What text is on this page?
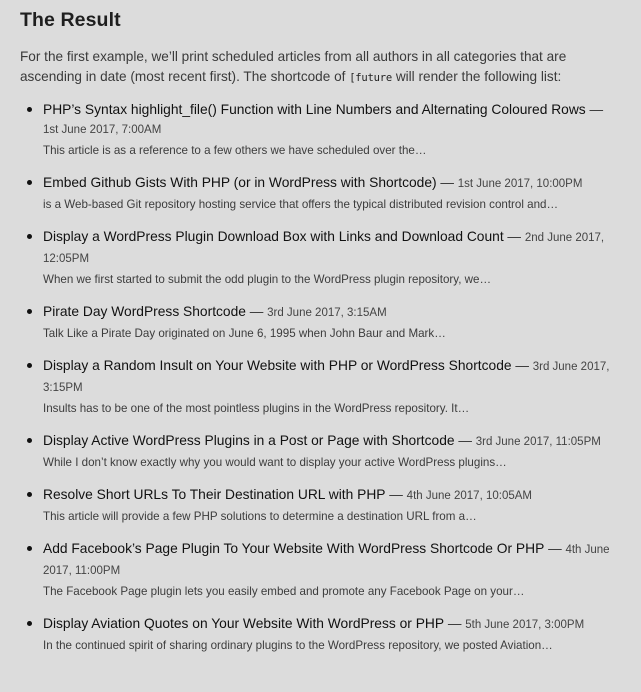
The Result

For the first example, we’ll print scheduled articles from all authors in all categories that are ascending in date (most recent first). The shortcode of [future will render the following list:

PHP’s Syntax highlight_file() Function with Line Numbers and Alternating Coloured Rows — 1st June 2017, 7:00AM
This article is as a reference to a few others we have scheduled over the…
Embed Github Gists With PHP (or in WordPress with Shortcode) — 1st June 2017, 10:00PM
is a Web-based Git repository hosting service that offers the typical distributed revision control and…
Display a WordPress Plugin Download Box with Links and Download Count — 2nd June 2017, 12:05PM
When we first started to submit the odd plugin to the WordPress plugin repository, we…
Pirate Day WordPress Shortcode — 3rd June 2017, 3:15AM
Talk Like a Pirate Day originated on June 6, 1995 when John Baur and Mark…
Display a Random Insult on Your Website with PHP or WordPress Shortcode — 3rd June 2017, 3:15PM
Insults has to be one of the most pointless plugins in the WordPress repository. It…
Display Active WordPress Plugins in a Post or Page with Shortcode — 3rd June 2017, 11:05PM
While I don’t know exactly why you would want to display your active WordPress plugins…
Resolve Short URLs To Their Destination URL with PHP — 4th June 2017, 10:05AM
This article will provide a few PHP solutions to determine a destination URL from a…
Add Facebook’s Page Plugin To Your Website With WordPress Shortcode Or PHP — 4th June 2017, 11:00PM
The Facebook Page plugin lets you easily embed and promote any Facebook Page on your…
Display Aviation Quotes on Your Website With WordPress or PHP — 5th June 2017, 3:00PM
In the continued spirit of sharing ordinary plugins to the WordPress repository, we posted Aviation…
